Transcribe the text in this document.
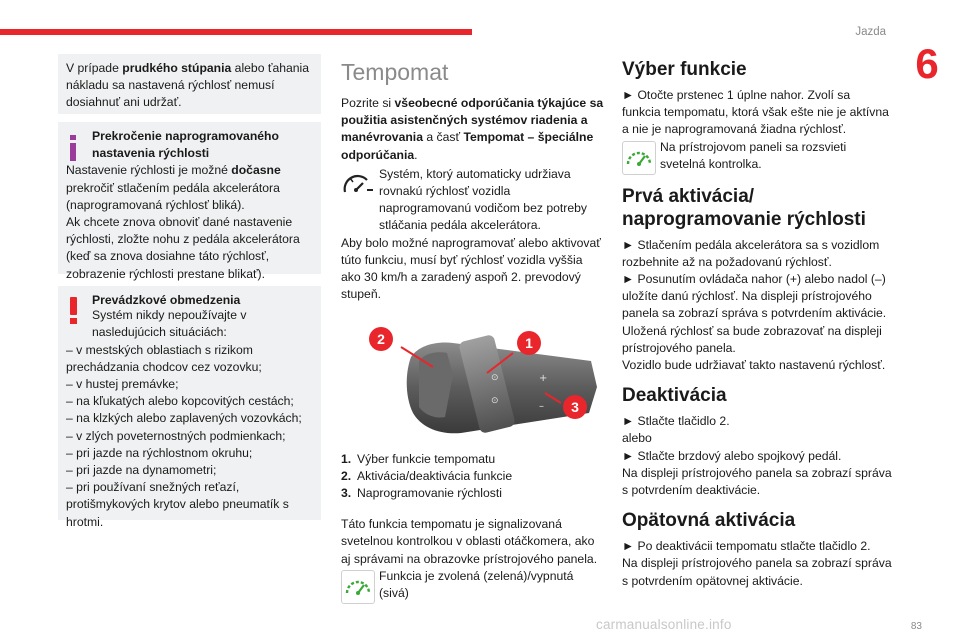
Jazda
6

V prípade prudkého stúpania alebo ťahania nákladu sa nastavená rýchlosť nemusí dosiahnuť ani udržať.

Prekročenie naprogramovaného nastavenia rýchlosti

Nastavenie rýchlosti je možné dočasne prekročiť stlačením pedála akcelerátora (naprogramovaná rýchlosť bliká).

Ak chcete znova obnoviť dané nastavenie rýchlosti, zložte nohu z pedála akcelerátora (keď sa znova dosiahne táto rýchlosť, zobrazenie rýchlosti prestane blikať).

Prevádzkové obmedzenia

Systém nikdy nepoužívajte v nasledujúcich situáciách:

– v mestských oblastiach s rizikom prechádzania chodcov cez vozovku;

– v hustej premávke;

– na kľukatých alebo kopcovitých cestách;

– na klzkých alebo zaplavených vozovkách;

– v zlých poveternostných podmienkach;

– pri jazde na rýchlostnom okruhu;

– pri jazde na dynamometri;

– pri používaní snežných reťazí, protišmykových krytov alebo pneumatík s hrotmi.

Tempomat

Pozrite si všeobecné odporúčania týkajúce sa použitia asistenčných systémov riadenia a manévrovania a časť Tempomat – špeciálne odporúčania.

Systém, ktorý automaticky udržiava rovnakú rýchlosť vozidla naprogramovanú vodičom bez potreby stláčania pedála akcelerátora.

Aby bolo možné naprogramovať alebo aktivovať túto funkciu, musí byť rýchlosť vozidla vyššia ako 30 km/h a zaradený aspoň 2. prevodový stupeň.

⊙
⊙
+
–
2	1
3

1. Výber funkcie tempomatu

2. Aktivácia/deaktivácia funkcie

3. Naprogramovanie rýchlosti

Táto funkcia tempomatu je signalizovaná svetelnou kontrolkou v oblasti otáčkomera, ako aj správami na obrazovke prístrojového panela.

Funkcia je zvolená (zelená)/vypnutá (sivá)

Výber funkcie

► Otočte prstenec 1 úplne nahor. Zvolí sa funkcia tempomatu, ktorá však ešte nie je aktívna a nie je naprogramovaná žiadna rýchlosť.

Na prístrojovom paneli sa rozsvieti svetelná kontrolka.

Prvá aktivácia/ naprogramovanie rýchlosti

► Stlačením pedála akcelerátora sa s vozidlom rozbehnite až na požadovanú rýchlosť.

► Posunutím ovládača nahor (+) alebo nadol (–) uložíte danú rýchlosť. Na displeji prístrojového panela sa zobrazí správa s potvrdením aktivácie.

Uložená rýchlosť sa bude zobrazovať na displeji prístrojového panela.

Vozidlo bude udržiavať takto nastavenú rýchlosť.

Deaktivácia

► Stlačte tlačidlo 2.

alebo

► Stlačte brzdový alebo spojkový pedál.

Na displeji prístrojového panela sa zobrazí správa s potvrdením deaktivácie.

Opätovná aktivácia

► Po deaktivácii tempomatu stlačte tlačidlo 2.

Na displeji prístrojového panela sa zobrazí správa s potvrdením opätovnej aktivácie.

carmanualsonline.info	83
